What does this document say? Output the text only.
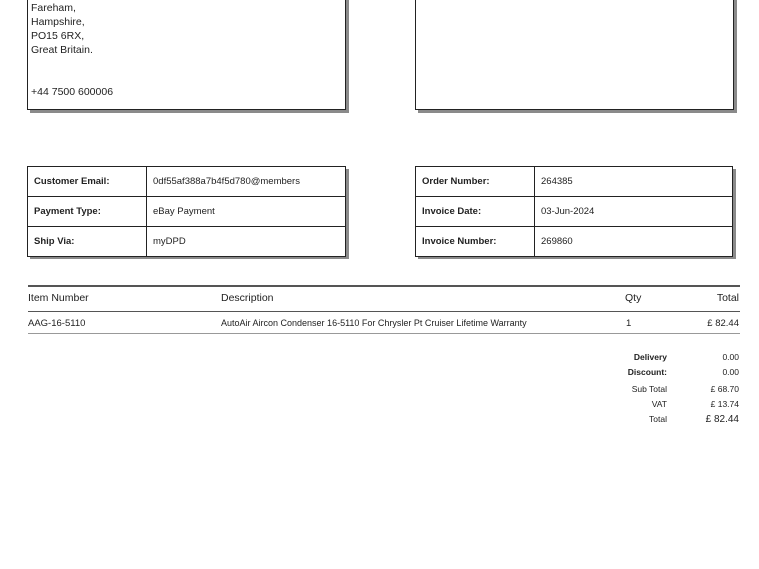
Fareham,
Hampshire,
PO15 6RX,
Great Britain.
+44 7500 600006
Customer Email:	0df55af388a7b4f5d780@members
Payment Type:	eBay Payment
Ship Via:	myDPD
Order Number:	264385
Invoice Date:	03-Jun-2024
Invoice Number:	269860
Item Number	Description	Qty	Total
AAG-16-5110	AutoAir Aircon Condenser 16-5110 For Chrysler Pt Cruiser Lifetime Warranty	1	£ 82.44
Delivery	0.00
Discount:	0.00
Sub Total	£ 68.70
VAT	£ 13.74
Total	£ 82.44
